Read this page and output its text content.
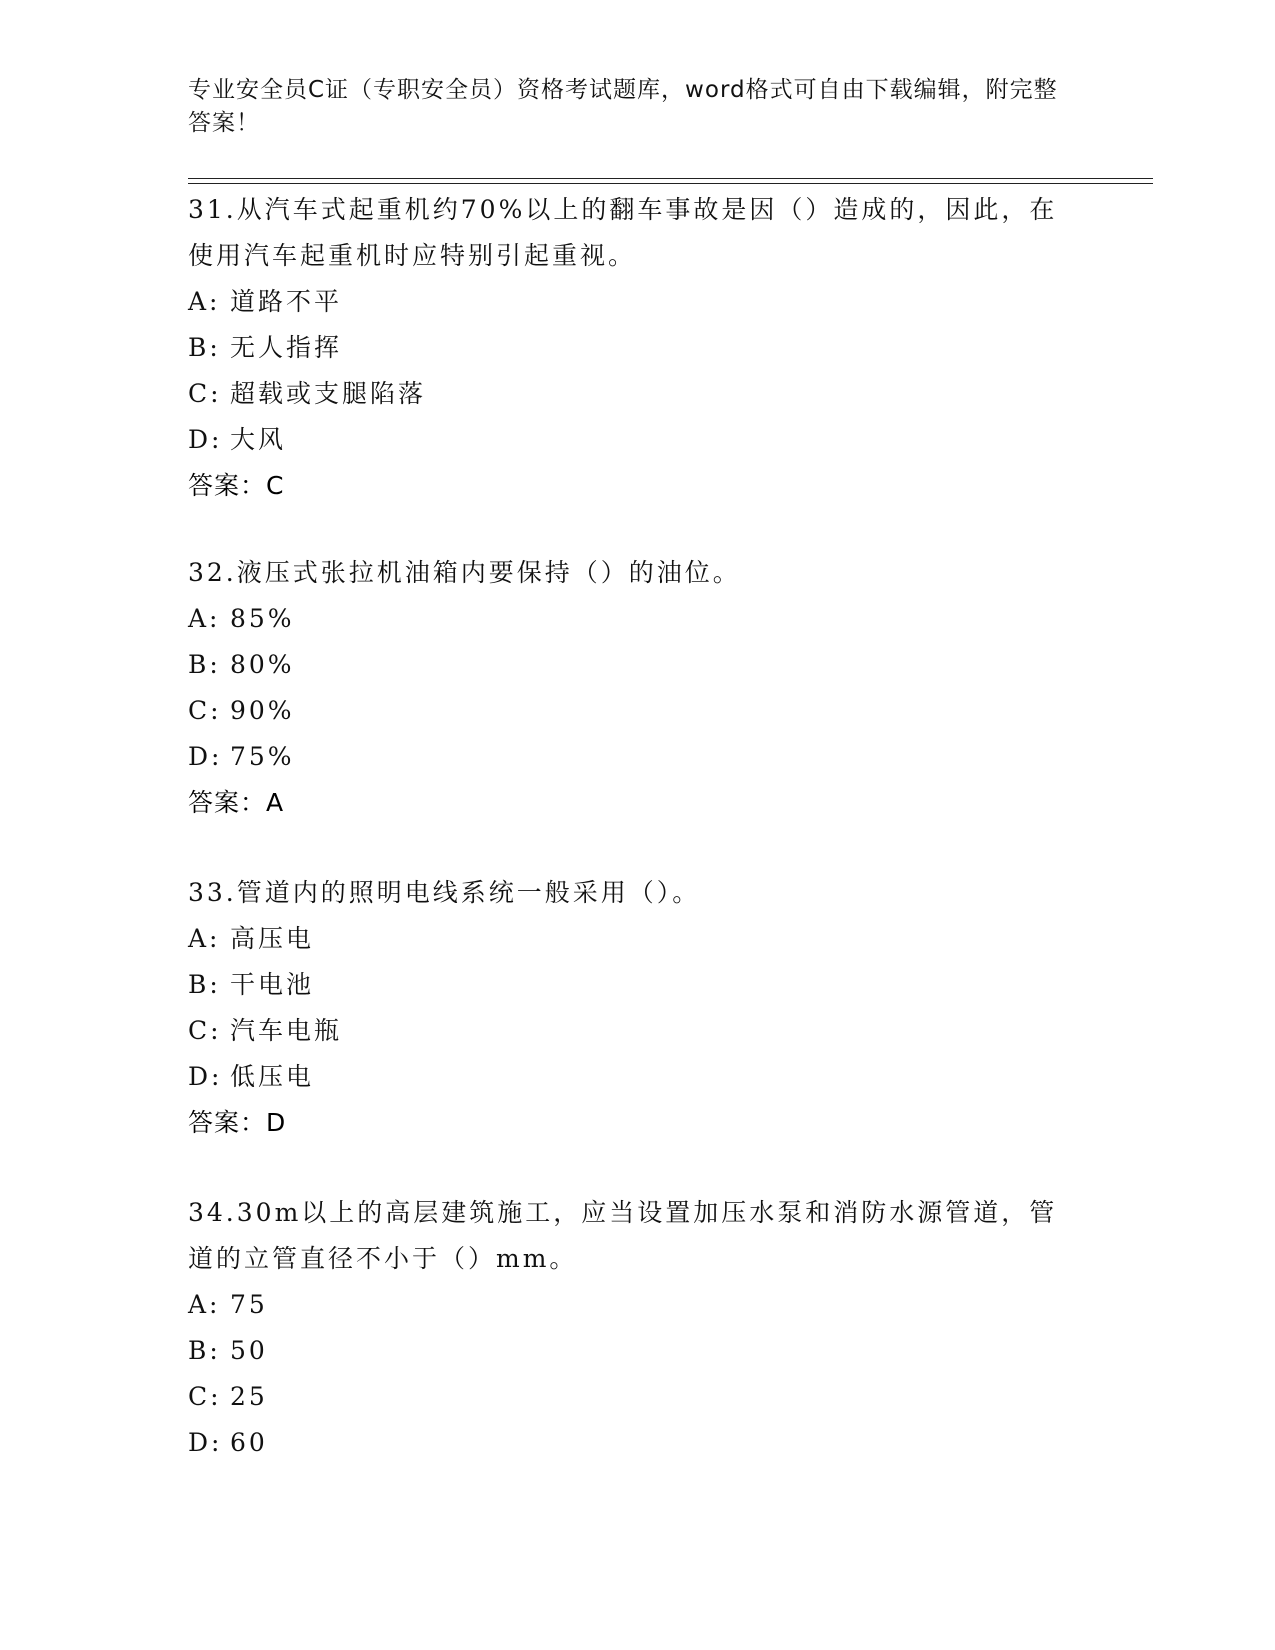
专业安全员C证（专职安全员）资格考试题库，word格式可自由下载编辑，附完整答案！

31.从汽车式起重机约70%以上的翻车事故是因（）造成的，因此，在使用汽车起重机时应特别引起重视。

A: 道路不平

B: 无人指挥

C: 超载或支腿陷落

D: 大风

答案：C

32.液压式张拉机油箱内要保持（）的油位。

A: 85%

B: 80%

C: 90%

D: 75%

答案：A

33.管道内的照明电线系统一般采用（）。

A: 高压电

B: 干电池

C: 汽车电瓶

D: 低压电

答案：D

34.30m以上的高层建筑施工，应当设置加压水泵和消防水源管道，管道的立管直径不小于（）mm。

A: 75

B: 50

C: 25

D: 60
